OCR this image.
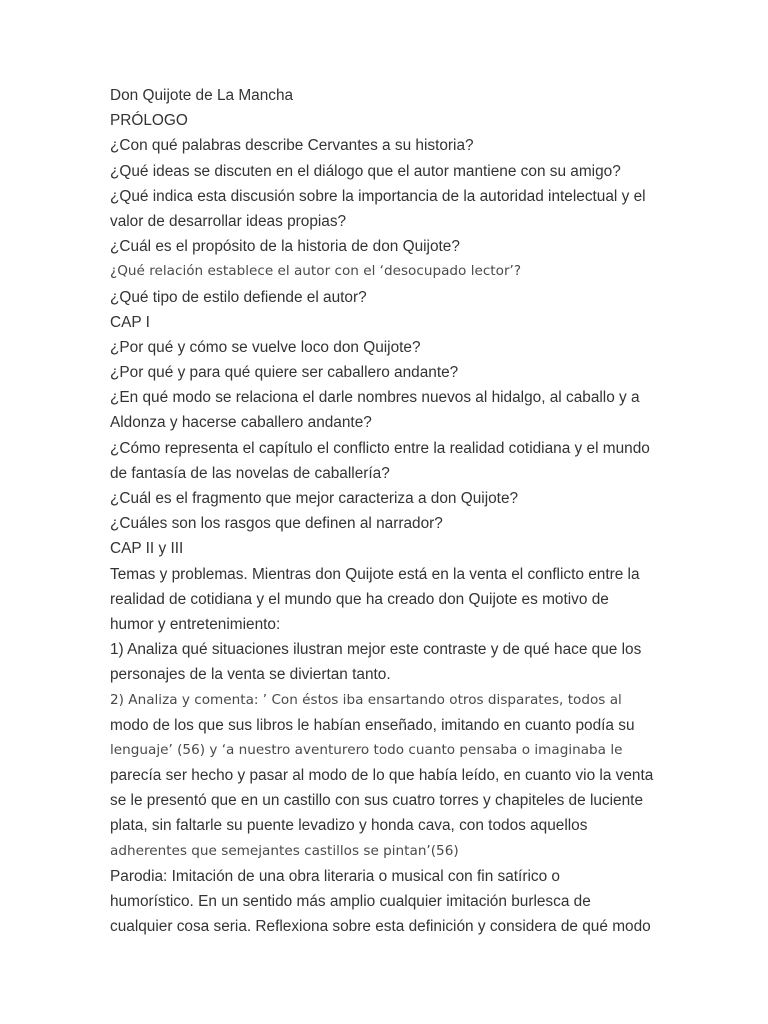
Don Quijote de La Mancha
PRÓLOGO
¿Con qué palabras describe Cervantes a su historia?
¿Qué ideas se discuten en el diálogo que el autor mantiene con su amigo?
¿Qué indica esta discusión sobre la importancia de la autoridad intelectual y el
valor de desarrollar ideas propias?
¿Cuál es el propósito de la historia de don Quijote?
¿Qué relación establece el autor con el ‘desocupado lector’?
¿Qué tipo de estilo defiende el autor?
CAP I
¿Por qué y cómo se vuelve loco don Quijote?
¿Por qué y para qué quiere ser caballero andante?
¿En qué modo se relaciona el darle nombres nuevos al hidalgo, al caballo y a
Aldonza y hacerse caballero andante?
¿Cómo representa el capítulo el conflicto entre la realidad cotidiana y el mundo
de fantasía de las novelas de caballería?
¿Cuál es el fragmento que mejor caracteriza a don Quijote?
¿Cuáles son los rasgos que definen al narrador?
CAP II y III
Temas y problemas. Mientras don Quijote está en la venta el conflicto entre la
realidad de cotidiana y el mundo que ha creado don Quijote es motivo de
humor y entretenimiento:
1) Analiza qué situaciones ilustran mejor este contraste y de qué hace que los
personajes de la venta se diviertan tanto.
2) Analiza y comenta: ’ Con éstos iba ensartando otros disparates, todos al
modo de los que sus libros le habían enseñado, imitando en cuanto podía su
lenguaje’ (56) y ‘a nuestro aventurero todo cuanto pensaba o imaginaba le
parecía ser hecho y pasar al modo de lo que había leído, en cuanto vio la venta
se le presentó que en un castillo con sus cuatro torres y chapiteles de luciente
plata, sin faltarle su puente levadizo y honda cava, con todos aquellos
adherentes que semejantes castillos se pintan’(56)
Parodia: Imitación de una obra literaria o musical con fin satírico o
humorístico. En un sentido más amplio cualquier imitación burlesca de
cualquier cosa seria. Reflexiona sobre esta definición y considera de qué modo
